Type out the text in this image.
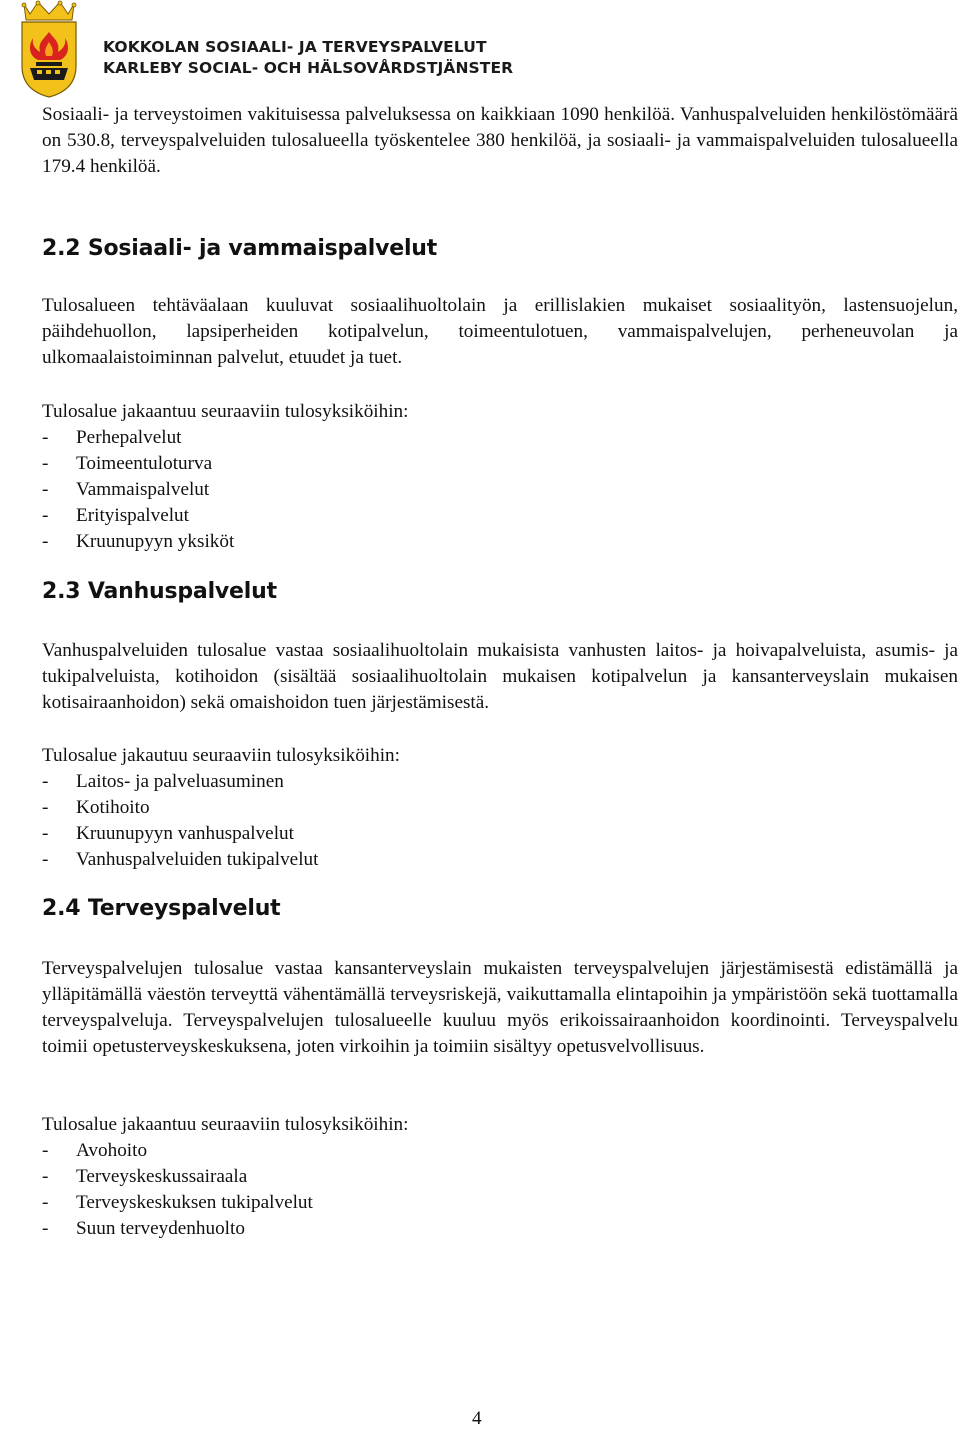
KOKKOLAN SOSIAALI- JA TERVEYSPALVELUT
KARLEBY SOCIAL- OCH HÄLSOVÅRDSTJÄNSTER

Sosiaali- ja terveystoimen vakituisessa palveluksessa on kaikkiaan 1090 henkilöä. Vanhuspalveluiden henkilöstömäärä on 530.8, terveyspalveluiden tulosalueella työskentelee 380 henkilöä, ja sosiaali- ja vammaispalveluiden tulosalueella 179.4 henkilöä.

2.2 Sosiaali- ja vammaispalvelut

Tulosalueen tehtäväalaan kuuluvat sosiaalihuoltolain ja erillislakien mukaiset sosiaalityön, lastensuojelun, päihdehuollon, lapsiperheiden kotipalvelun, toimeentulotuen, vammaispalvelujen, perheneuvolan ja ulkomaalaistoiminnan palvelut, etuudet ja tuet.

Tulosalue jakaantuu seuraaviin tulosyksiköihin:

- Perhepalvelut
- Toimeentuloturva
- Vammaispalvelut
- Erityispalvelut
- Kruunupyyn yksiköt
2.3 Vanhuspalvelut

Vanhuspalveluiden tulosalue vastaa sosiaalihuoltolain mukaisista vanhusten laitos- ja hoivapalveluista, asumis- ja tukipalveluista, kotihoidon (sisältää sosiaalihuoltolain mukaisen kotipalvelun ja kansanterveyslain mukaisen kotisairaanhoidon) sekä omaishoidon tuen järjestämisestä.

Tulosalue jakautuu seuraaviin tulosyksiköihin:

- Laitos- ja palveluasuminen
- Kotihoito
- Kruunupyyn vanhuspalvelut
- Vanhuspalveluiden tukipalvelut
2.4 Terveyspalvelut

Terveyspalvelujen tulosalue vastaa kansanterveyslain mukaisten terveyspalvelujen järjestämisestä edistämällä ja ylläpitämällä väestön terveyttä vähentämällä terveysriskejä, vaikuttamalla elintapoihin ja ympäristöön sekä tuottamalla terveyspalveluja. Terveyspalvelujen tulosalueelle kuuluu myös erikoissairaanhoidon koordinointi. Terveyspalvelu toimii opetusterveyskeskuksena, joten virkoihin ja toimiin sisältyy opetusvelvollisuus.

Tulosalue jakaantuu seuraaviin tulosyksiköihin:

- Avohoito
- Terveyskeskussairaala
- Terveyskeskuksen tukipalvelut
- Suun terveydenhuolto
4
